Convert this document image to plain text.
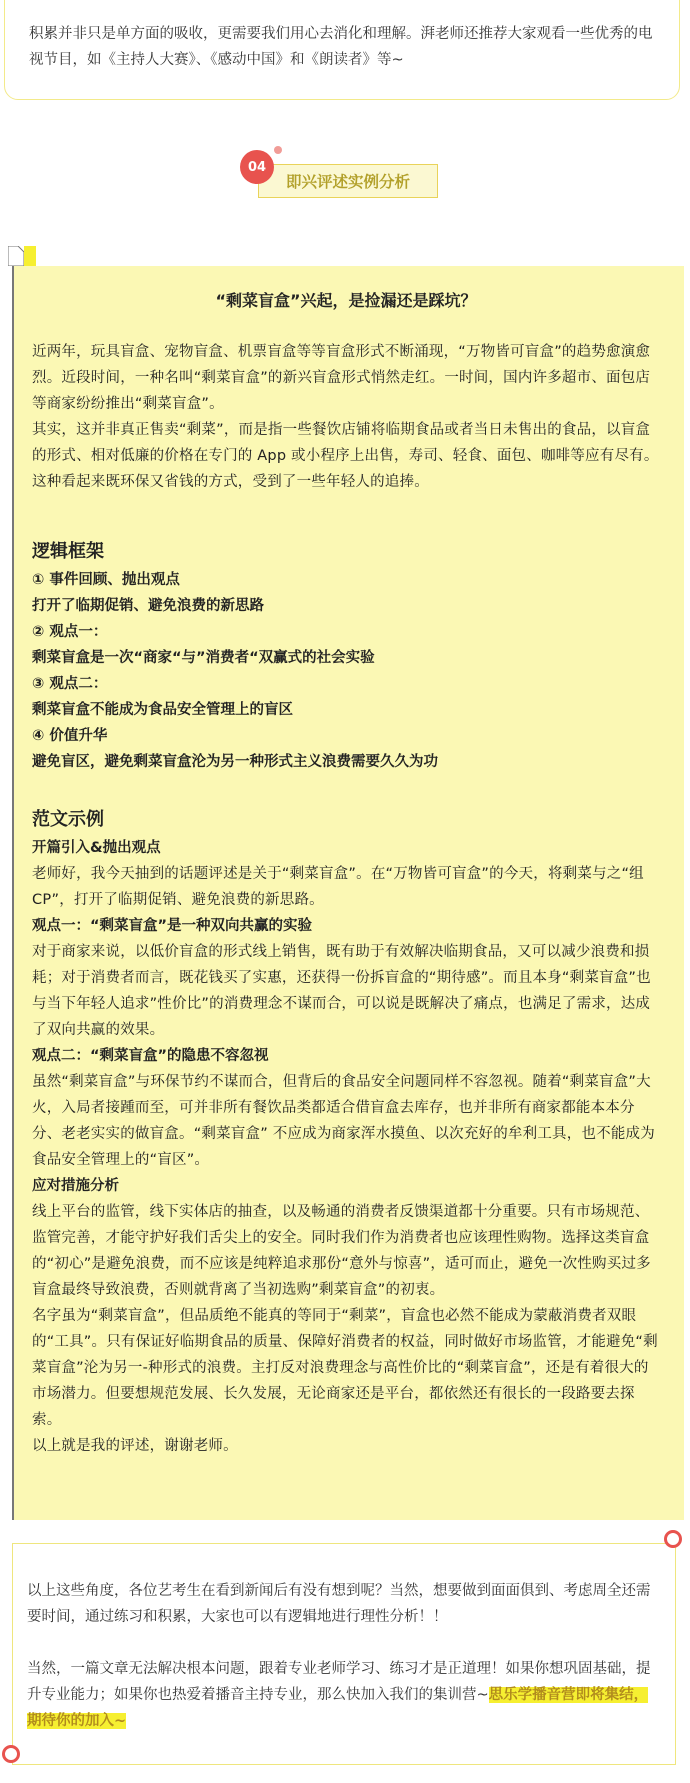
积累并非只是单方面的吸收，更需要我们用心去消化和理解。湃老师还推荐大家观看一些优秀的电视节目，如《主持人大赛》、《感动中国》和《朗读者》等~

04
即兴评述实例分析

“剩菜盲盒”兴起，是捡漏还是踩坑？

近两年，玩具盲盒、宠物盲盒、机票盲盒等等盲盒形式不断涌现，“万物皆可盲盒”的趋势愈演愈烈。近段时间，一种名叫“剩菜盲盒”的新兴盲盒形式悄然走红。一时间，国内许多超市、面包店等商家纷纷推出“剩菜盲盒”。

其实，这并非真正售卖“剩菜”，而是指一些餐饮店铺将临期食品或者当日未售出的食品，以盲盒的形式、相对低廉的价格在专门的 App 或小程序上出售，寿司、轻食、面包、咖啡等应有尽有。这种看起来既环保又省钱的方式，受到了一些年轻人的追捧。

逻辑框架

① 事件回顾、抛出观点

打开了临期促销、避免浪费的新思路

② 观点一：

剩菜盲盒是一次“商家“与”消费者“双赢式的社会实验

③ 观点二：

剩菜盲盒不能成为食品安全管理上的盲区

④ 价值升华

避免盲区，避免剩菜盲盒沦为另一种形式主义浪费需要久久为功

范文示例

开篇引入&抛出观点

老师好，我今天抽到的话题评述是关于“剩菜盲盒”。在“万物皆可盲盒”的今天，将剩菜与之“组 CP”，打开了临期促销、避免浪费的新思路。

观点一：“剩菜盲盒”是一种双向共赢的实验

对于商家来说，以低价盲盒的形式线上销售，既有助于有效解决临期食品，又可以减少浪费和损耗；对于消费者而言，既花钱买了实惠，还获得一份拆盲盒的“期待感”。而且本身“剩菜盲盒”也与当下年轻人追求”性价比”的消费理念不谋而合，可以说是既解决了痛点，也满足了需求，达成了双向共赢的效果。

观点二：“剩菜盲盒”的隐患不容忽视

虽然“剩菜盲盒”与环保节约不谋而合，但背后的食品安全问题同样不容忽视。随着“剩菜盲盒”大火，入局者接踵而至，可并非所有餐饮品类都适合借盲盒去库存，也并非所有商家都能本本分分、老老实实的做盲盒。“剩菜盲盒” 不应成为商家浑水摸鱼、以次充好的牟利工具，也不能成为食品安全管理上的“盲区”。

应对措施分析

线上平台的监管，线下实体店的抽查，以及畅通的消费者反馈渠道都十分重要。只有市场规范、监管完善，才能守护好我们舌尖上的安全。同时我们作为消费者也应该理性购物。选择这类盲盒的“初心”是避免浪费，而不应该是纯粹追求那份“意外与惊喜”，适可而止，避免一次性购买过多盲盒最终导致浪费，否则就背离了当初选购”剩菜盲盒”的初衷。

名字虽为“剩菜盲盒”，但品质绝不能真的等同于“剩菜”，盲盒也必然不能成为蒙蔽消费者双眼的“工具”。只有保证好临期食品的质量、保障好消费者的权益，同时做好市场监管，才能避免“剩菜盲盒”沦为另一-种形式的浪费。主打反对浪费理念与高性价比的“剩菜盲盒”，还是有着很大的市场潜力。但要想规范发展、长久发展，无论商家还是平台，都依然还有很长的一段路要去探索。

以上就是我的评述，谢谢老师。

以上这些角度，各位艺考生在看到新闻后有没有想到呢？当然，想要做到面面俱到、考虑周全还需要时间，通过练习和积累，大家也可以有逻辑地进行理性分析！！

当然，一篇文章无法解决根本问题，跟着专业老师学习、练习才是正道理！如果你想巩固基础，提升专业能力；如果你也热爱着播音主持专业，那么快加入我们的集训营~思乐学播音营即将集结，期待你的加入~
